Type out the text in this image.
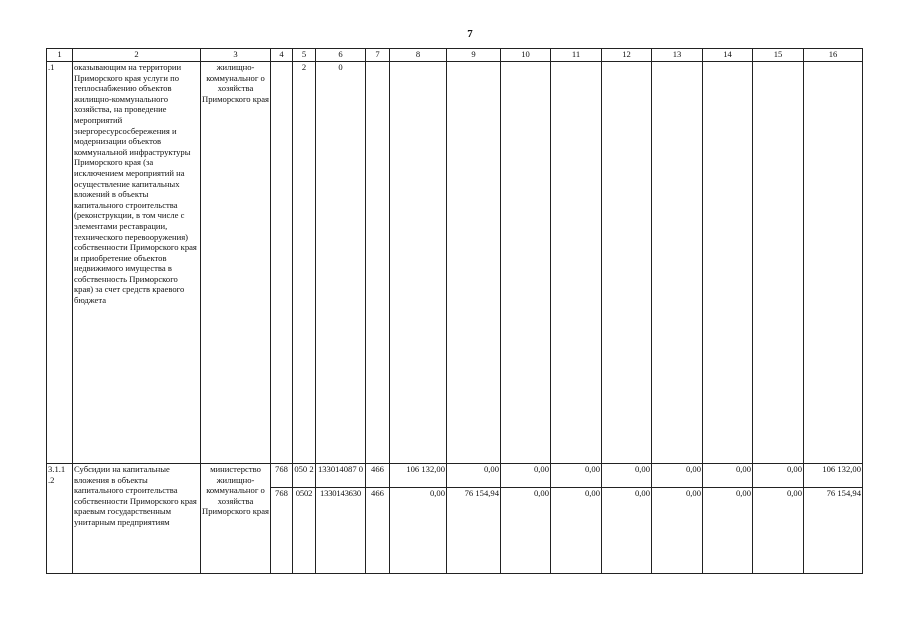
7
1	2	3	4	5	6	7	8	9	10	11	12	13	14	15	16
.1	оказывающим на территории Приморского края услуги по теплоснабжению объектов жилищно-коммунального хозяйства, на проведение мероприятий энергоресурсосбережения и модернизации объектов коммунальной инфраструктуры Приморского края (за исключением мероприятий на осуществление капитальных вложений в объекты капитального строительства (реконструкции, в том числе с элементами реставрации, технического перевооружения) собственности Приморского края и приобретение объектов недвижимого имущества в собственность Приморского края) за счет средств краевого бюджета	жилищно-коммунальног о хозяйства Приморского края		2	0										
3.1.1 .2	Субсидии на капитальные вложения в объекты капитального строительства собственности Приморского края краевым государственным унитарным предприятиям	министерство жилищно-коммунальног о хозяйства Приморского края	768	050 2	133014087 0	466	106 132,00	0,00	0,00	0,00	0,00	0,00	0,00	0,00	106 132,00
			768	0502	1330143630	466	0,00	76 154,94	0,00	0,00	0,00	0,00	0,00	0,00	76 154,94
